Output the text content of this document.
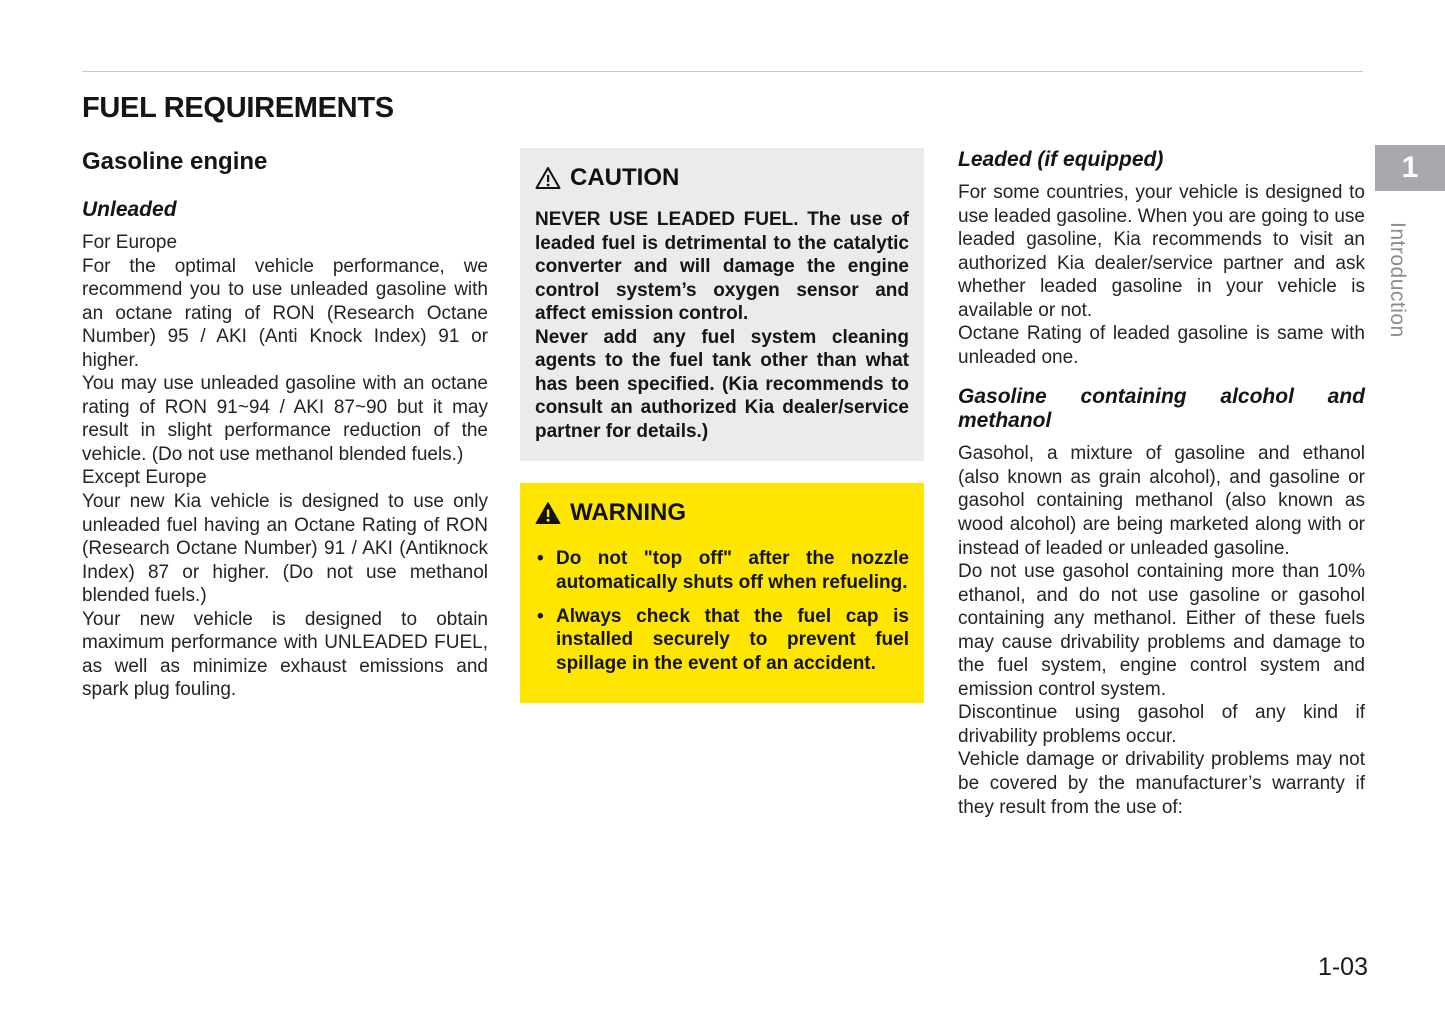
FUEL REQUIREMENTS
Gasoline engine
Unleaded

For Europe

For the optimal vehicle performance, we recommend you to use unleaded gasoline with an octane rating of RON (Research Octane Number) 95 / AKI (Anti Knock Index) 91 or higher.

You may use unleaded gasoline with an octane rating of RON 91~94 / AKI 87~90 but it may result in slight performance reduction of the vehicle. (Do not use methanol blended fuels.)

Except Europe

Your new Kia vehicle is designed to use only unleaded fuel having an Octane Rating of RON (Research Octane Number) 91 / AKI (Antiknock Index) 87 or higher. (Do not use methanol blended fuels.)

Your new vehicle is designed to obtain maximum performance with UNLEADED FUEL, as well as minimize exhaust emissions and spark plug fouling.

CAUTION

NEVER USE LEADED FUEL. The use of leaded fuel is detrimental to the catalytic converter and will damage the engine control system’s oxygen sensor and affect emission control.

Never add any fuel system cleaning agents to the fuel tank other than what has been specified. (Kia recommends to consult an authorized Kia dealer/service partner for details.)

WARNING
• Do not "top off" after the nozzle automatically shuts off when refueling.
• Always check that the fuel cap is installed securely to prevent fuel spillage in the event of an accident.
Leaded (if equipped)

For some countries, your vehicle is designed to use leaded gasoline. When you are going to use leaded gasoline, Kia recommends to visit an authorized Kia dealer/service partner and ask whether leaded gasoline in your vehicle is available or not.

Octane Rating of leaded gasoline is same with unleaded one.

Gasoline containing alcohol and methanol

Gasohol, a mixture of gasoline and ethanol (also known as grain alcohol), and gasoline or gasohol containing methanol (also known as wood alcohol) are being marketed along with or instead of leaded or unleaded gasoline.

Do not use gasohol containing more than 10% ethanol, and do not use gasoline or gasohol containing any methanol. Either of these fuels may cause drivability problems and damage to the fuel system, engine control system and emission control system.

Discontinue using gasohol of any kind if drivability problems occur.

Vehicle damage or drivability problems may not be covered by the manufacturer’s warranty if they result from the use of:

1
Introduction
1-03
